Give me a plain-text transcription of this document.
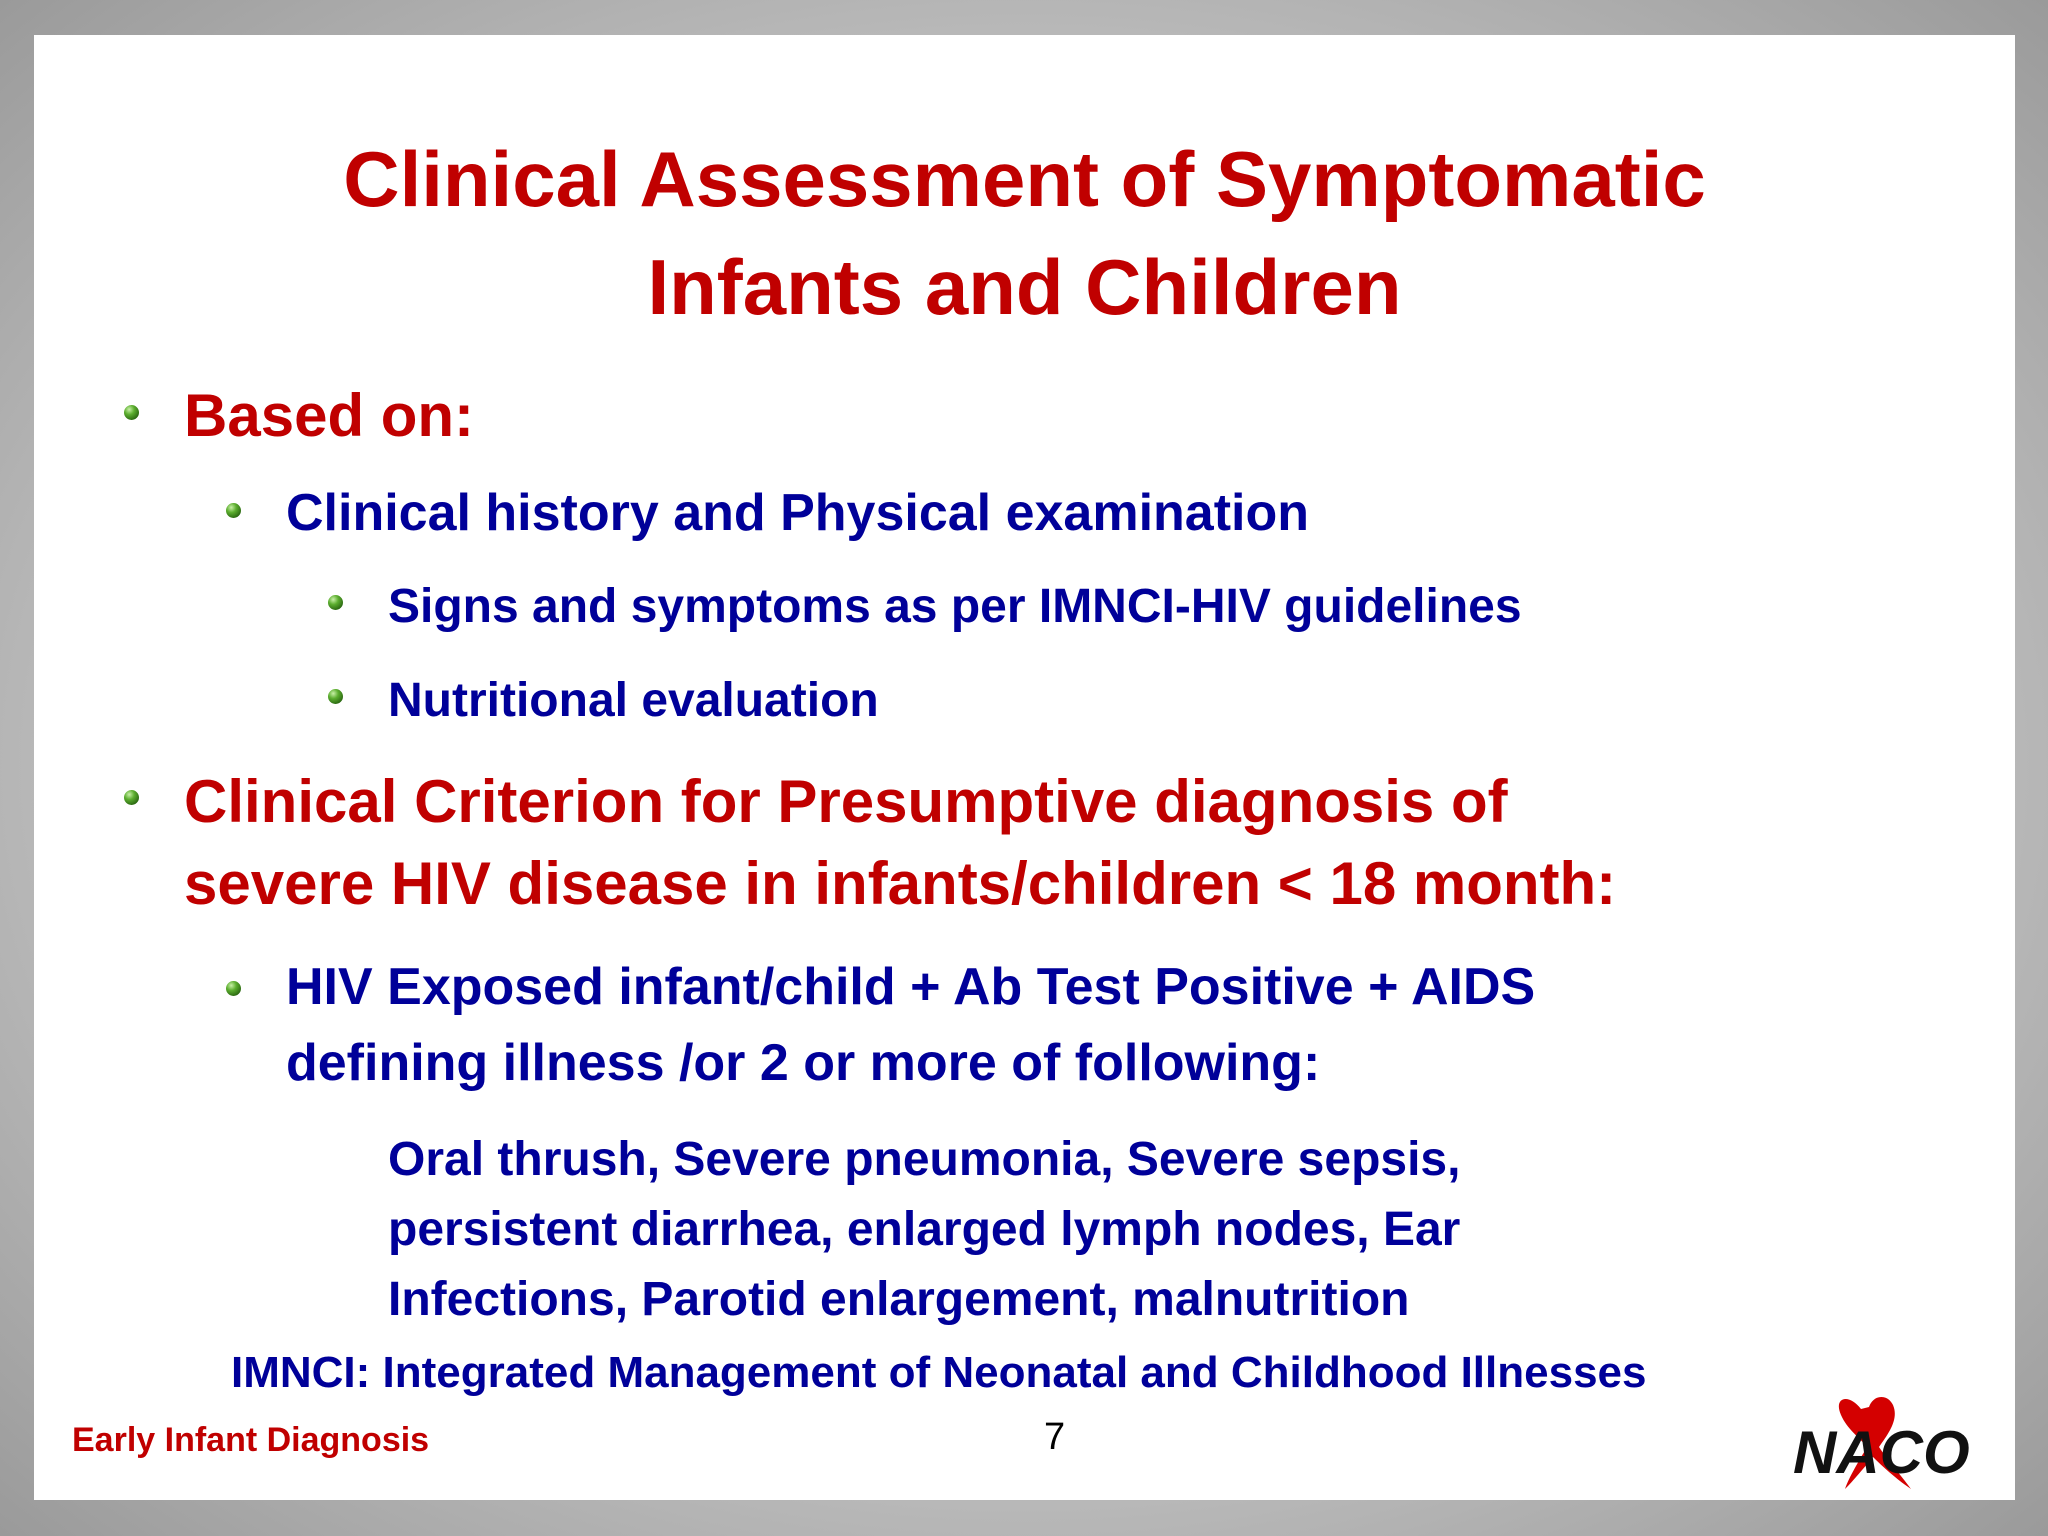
Clinical Assessment of Symptomatic
Infants and Children
Based on:
Clinical history and Physical examination
Signs and symptoms as per IMNCI-HIV guidelines
Nutritional evaluation
Clinical Criterion for Presumptive diagnosis of
severe HIV disease in infants/children < 18 month:
HIV Exposed infant/child + Ab Test Positive + AIDS
defining illness /or 2 or more of following:
Oral thrush, Severe pneumonia, Severe sepsis,
persistent diarrhea, enlarged lymph nodes, Ear
Infections, Parotid enlargement, malnutrition
IMNCI: Integrated Management of Neonatal and Childhood Illnesses
Early Infant Diagnosis	7	NACO
